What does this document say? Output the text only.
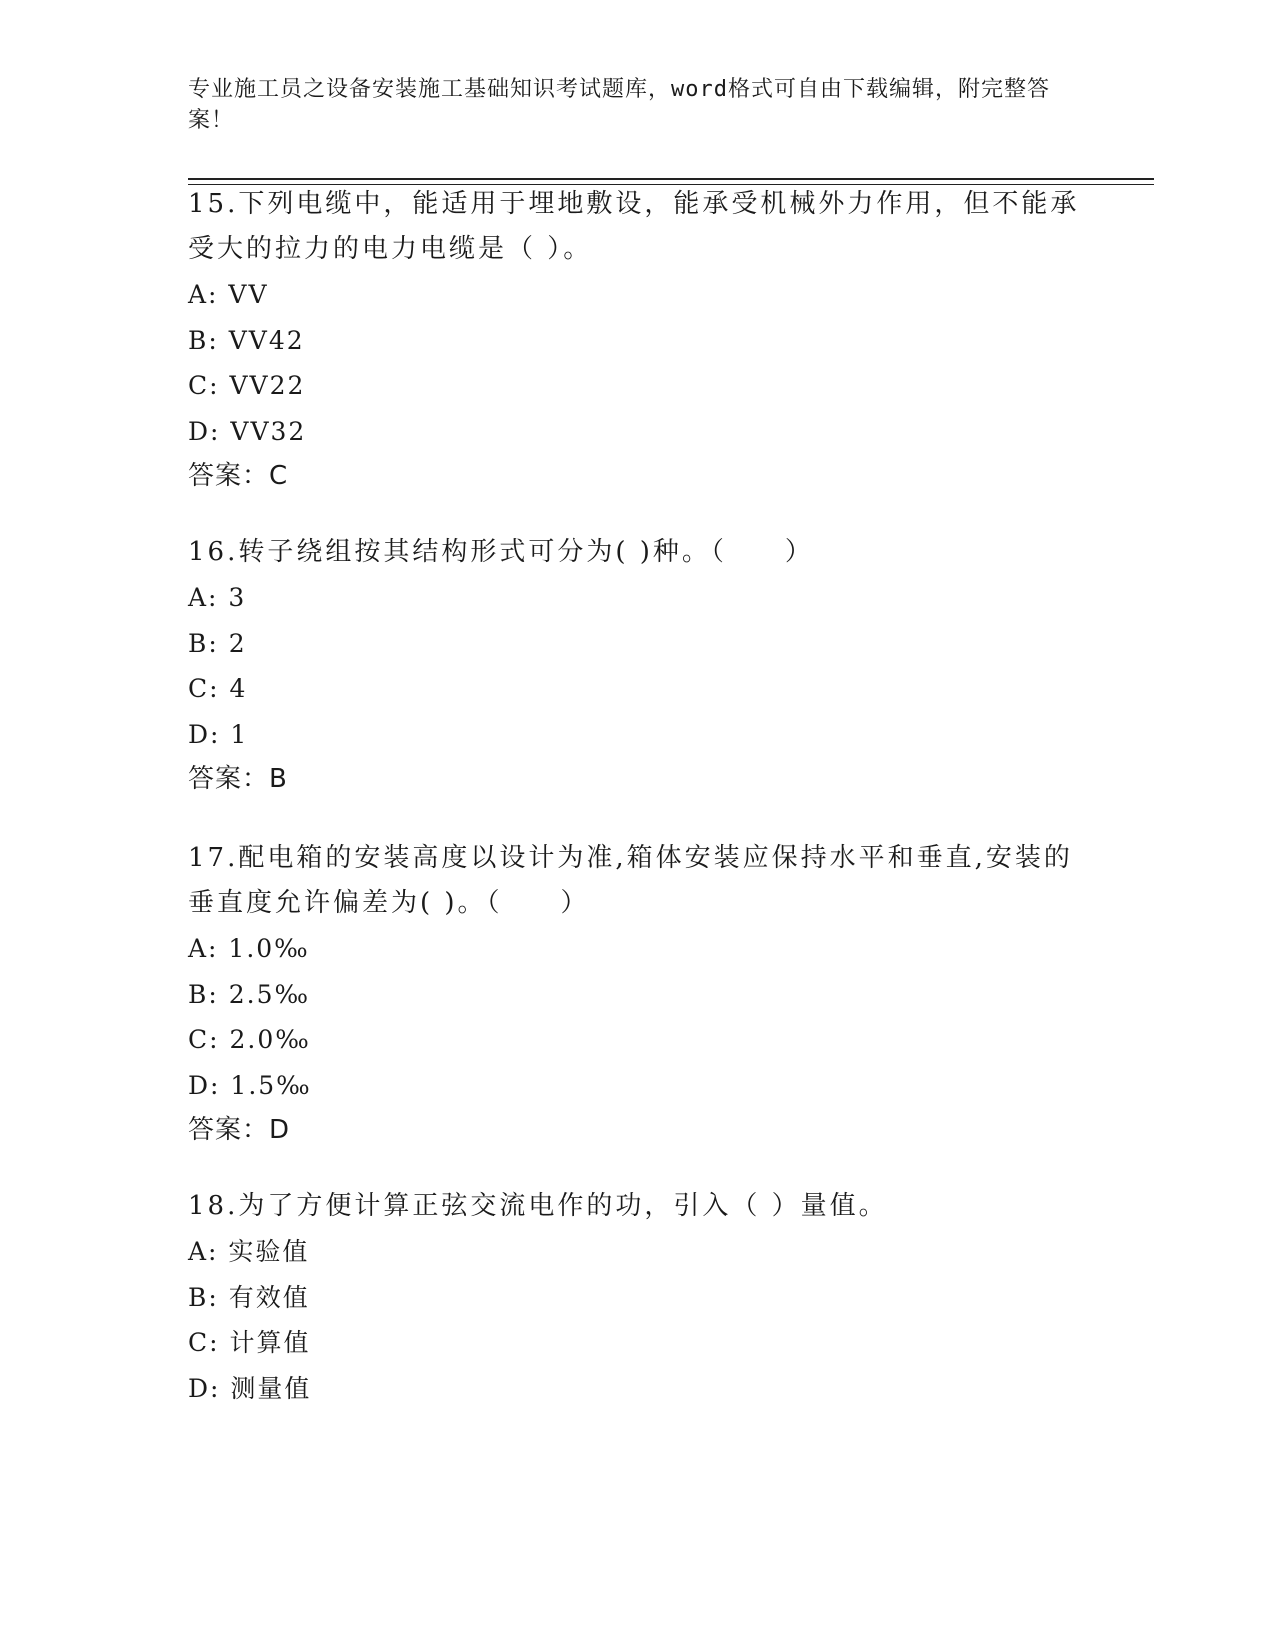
专业施工员之设备安装施工基础知识考试题库，word格式可自由下载编辑，附完整答案！
15.下列电缆中，能适用于埋地敷设，能承受机械外力作用，但不能承受大的拉力的电力电缆是（ ）。
A: VV
B: VV42
C: VV22
D: VV32
答案：C
16.转子绕组按其结构形式可分为( )种。（　　）
A: 3
B: 2
C: 4
D: 1
答案：B
17.配电箱的安装高度以设计为准,箱体安装应保持水平和垂直,安装的垂直度允许偏差为( )。（　　）
A: 1.0‰
B: 2.5‰
C: 2.0‰
D: 1.5‰
答案：D
18.为了方便计算正弦交流电作的功，引入（ ）量值。
A: 实验值
B: 有效值
C: 计算值
D: 测量值
